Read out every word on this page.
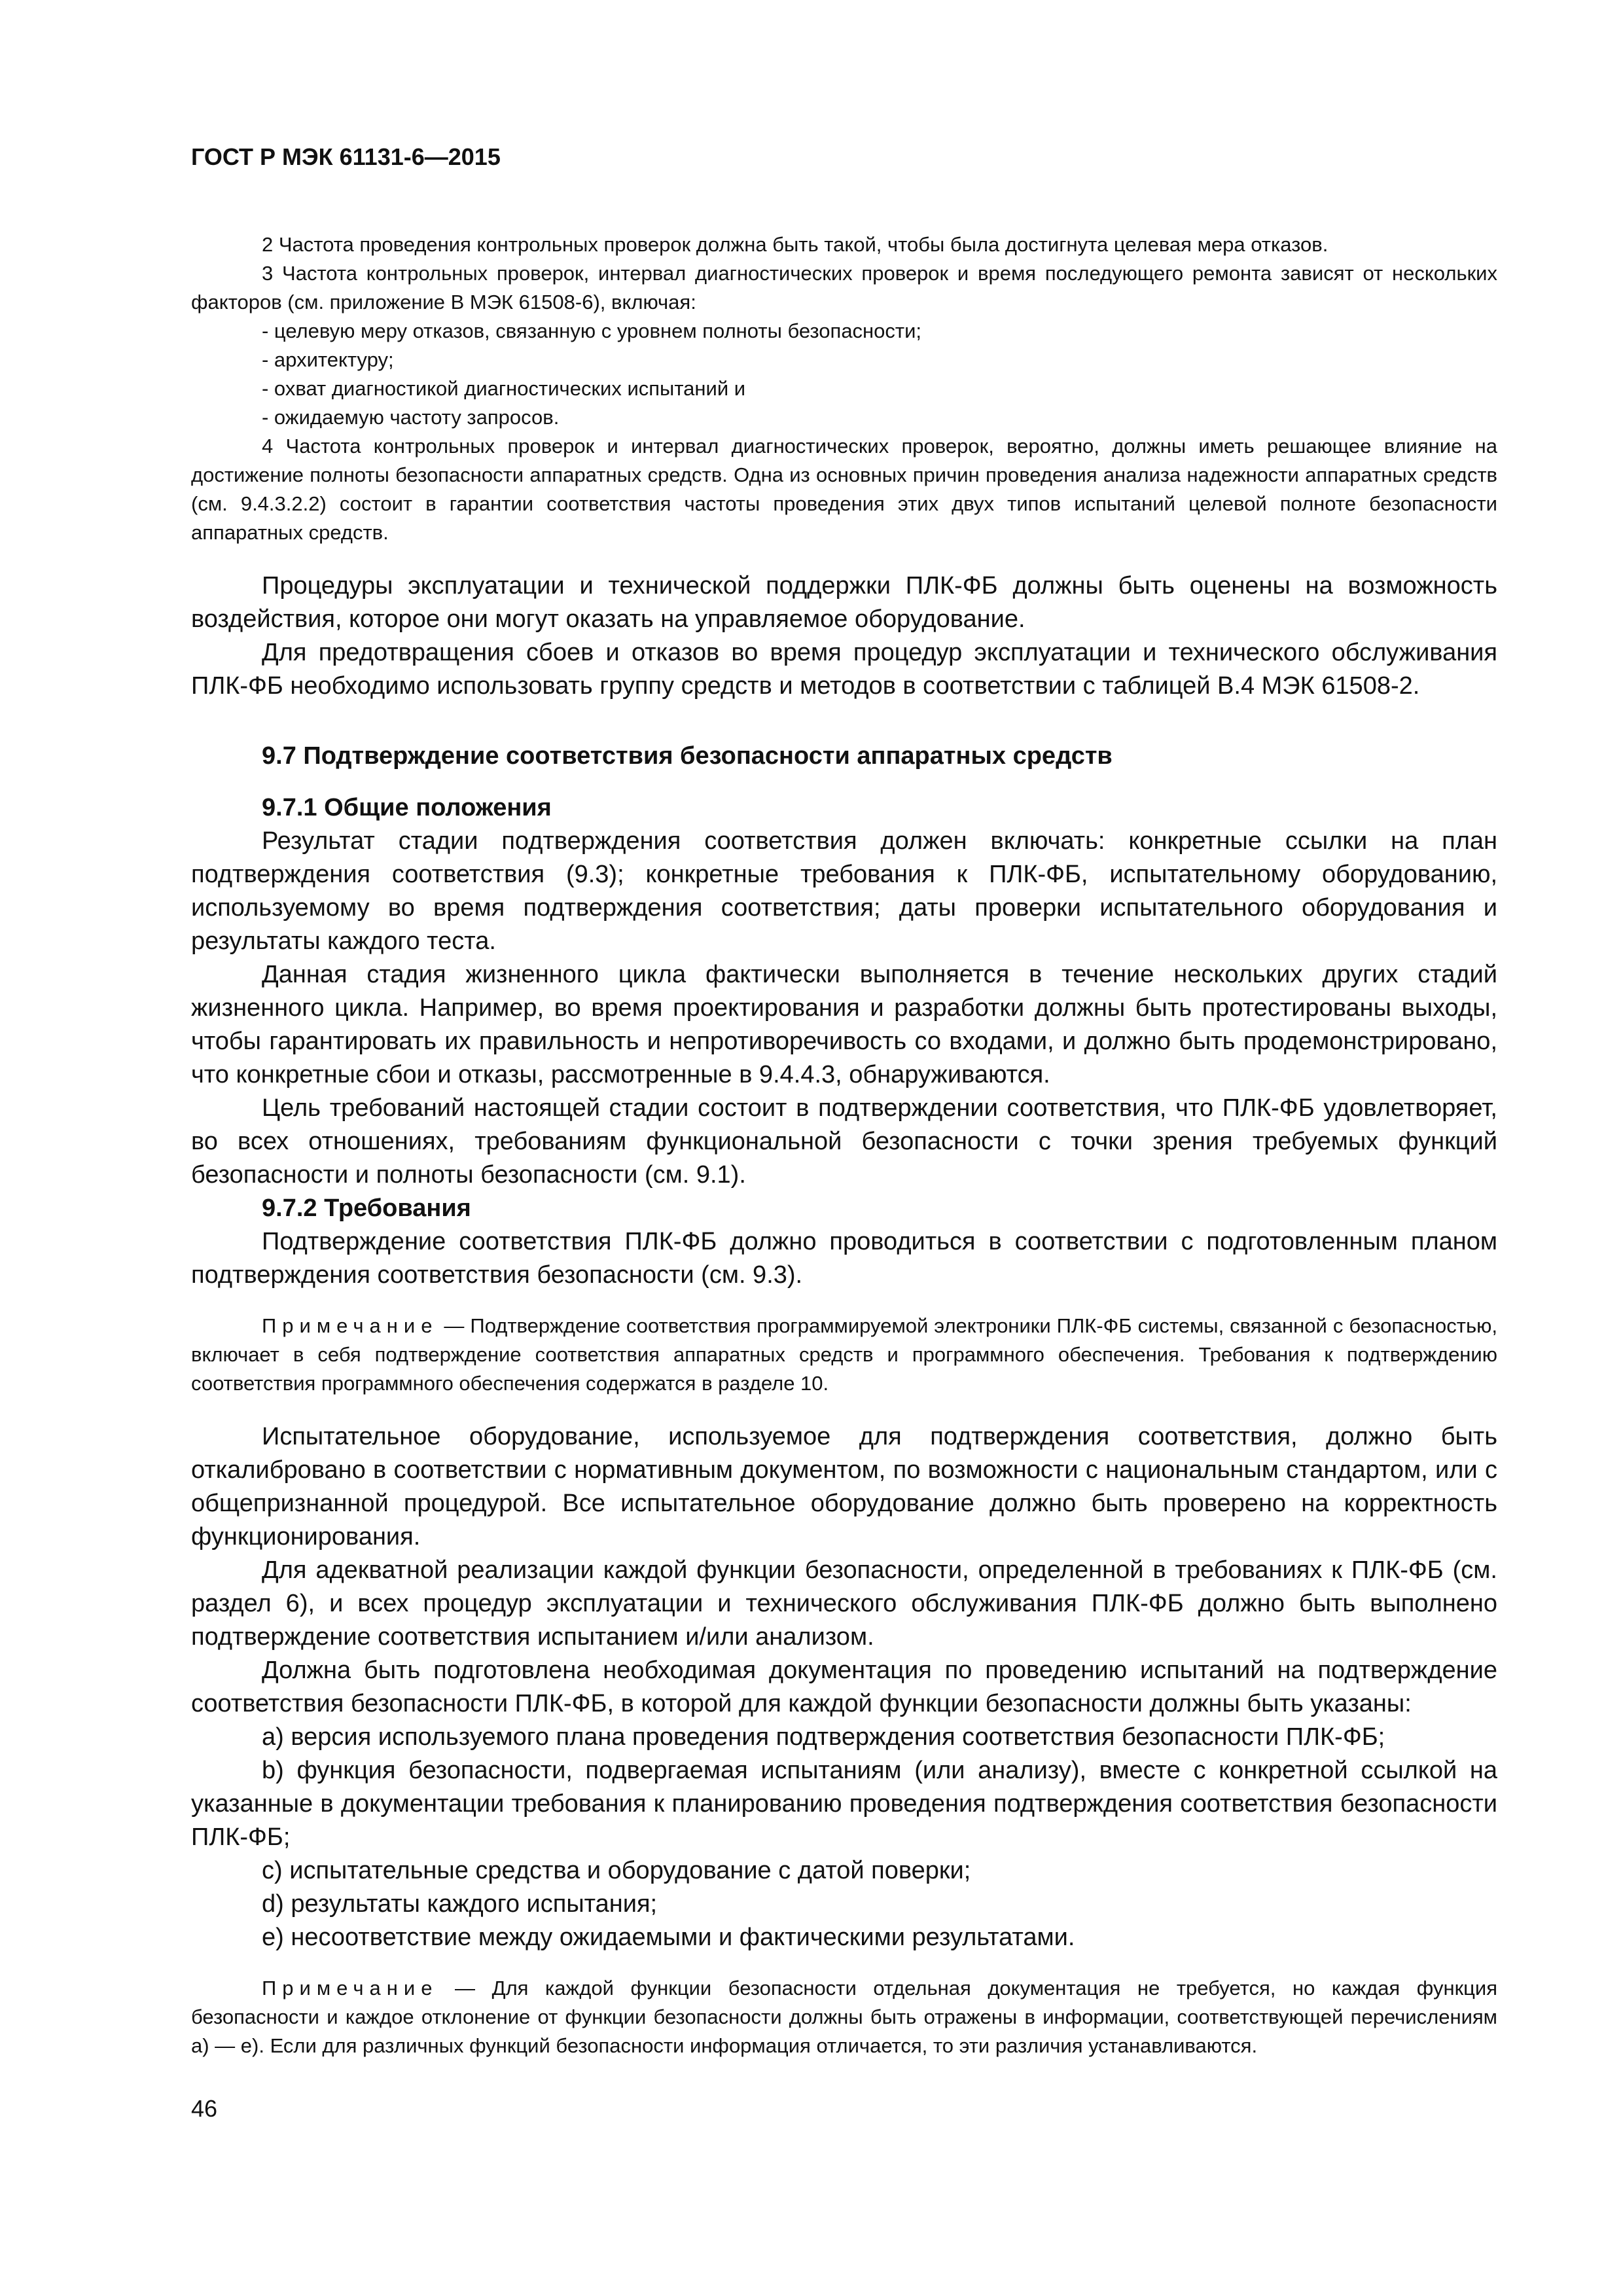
ГОСТ Р МЭК 61131-6—2015

2 Частота проведения контрольных проверок должна быть такой, чтобы была достигнута целевая мера отказов.

3 Частота контрольных проверок, интервал диагностических проверок и время последующего ремонта зависят от нескольких факторов (см. приложение В МЭК 61508-6), включая:

- целевую меру отказов, связанную с уровнем полноты безопасности;

- архитектуру;

- охват диагностикой диагностических испытаний и

- ожидаемую частоту запросов.

4 Частота контрольных проверок и интервал диагностических проверок, вероятно, должны иметь решающее влияние на достижение полноты безопасности аппаратных средств. Одна из основных причин проведения анализа надежности аппаратных средств (см. 9.4.3.2.2) состоит в гарантии соответствия частоты проведения этих двух типов испытаний целевой полноте безопасности аппаратных средств.

Процедуры эксплуатации и технической поддержки ПЛК-ФБ должны быть оценены на возможность воздействия, которое они могут оказать на управляемое оборудование.

Для предотвращения сбоев и отказов во время процедур эксплуатации и технического обслуживания ПЛК-ФБ необходимо использовать группу средств и методов в соответствии с таблицей В.4 МЭК 61508-2.

9.7 Подтверждение соответствия безопасности аппаратных средств
9.7.1 Общие положения

Результат стадии подтверждения соответствия должен включать: конкретные ссылки на план подтверждения соответствия (9.3); конкретные требования к ПЛК-ФБ, испытательному оборудованию, используемому во время подтверждения соответствия; даты проверки испытательного оборудования и результаты каждого теста.

Данная стадия жизненного цикла фактически выполняется в течение нескольких других стадий жизненного цикла. Например, во время проектирования и разработки должны быть протестированы выходы, чтобы гарантировать их правильность и непротиворечивость со входами, и должно быть продемонстрировано, что конкретные сбои и отказы, рассмотренные в 9.4.4.3, обнаруживаются.

Цель требований настоящей стадии состоит в подтверждении соответствия, что ПЛК-ФБ удовлетворяет, во всех отношениях, требованиям функциональной безопасности с точки зрения требуемых функций безопасности и полноты безопасности (см. 9.1).

9.7.2 Требования

Подтверждение соответствия ПЛК-ФБ должно проводиться в соответствии с подготовленным планом подтверждения соответствия безопасности (см. 9.3).

Примечание — Подтверждение соответствия программируемой электроники ПЛК-ФБ системы, связанной с безопасностью, включает в себя подтверждение соответствия аппаратных средств и программного обеспечения. Требования к подтверждению соответствия программного обеспечения содержатся в разделе 10.

Испытательное оборудование, используемое для подтверждения соответствия, должно быть откалибровано в соответствии с нормативным документом, по возможности с национальным стандартом, или с общепризнанной процедурой. Все испытательное оборудование должно быть проверено на корректность функционирования.

Для адекватной реализации каждой функции безопасности, определенной в требованиях к ПЛК-ФБ (см. раздел 6), и всех процедур эксплуатации и технического обслуживания ПЛК-ФБ должно быть выполнено подтверждение соответствия испытанием и/или анализом.

Должна быть подготовлена необходимая документация по проведению испытаний на подтверждение соответствия безопасности ПЛК-ФБ, в которой для каждой функции безопасности должны быть указаны:

а) версия используемого плана проведения подтверждения соответствия безопасности ПЛК-ФБ;

b) функция безопасности, подвергаемая испытаниям (или анализу), вместе с конкретной ссылкой на указанные в документации требования к планированию проведения подтверждения соответствия безопасности ПЛК-ФБ;

с) испытательные средства и оборудование с датой поверки;

d) результаты каждого испытания;

е) несоответствие между ожидаемыми и фактическими результатами.

Примечание — Для каждой функции безопасности отдельная документация не требуется, но каждая функция безопасности и каждое отклонение от функции безопасности должны быть отражены в информации, соответствующей перечислениям а) — е). Если для различных функций безопасности информация отличается, то эти различия устанавливаются.
46
